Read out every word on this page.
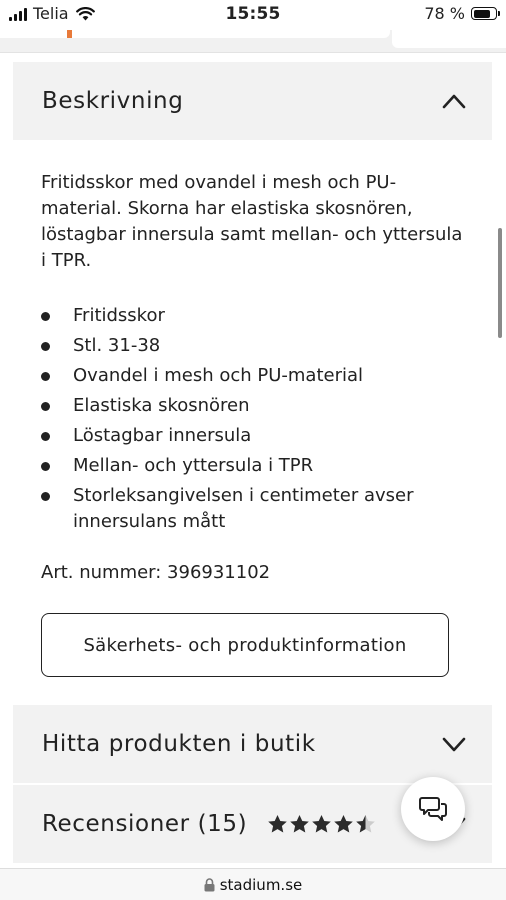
Telia	15:55	78 %
Beskrivning

Fritidsskor med ovandel i mesh och PU-material. Skorna har elastiska skosnören, löstagbar innersula samt mellan- och yttersula i TPR.

Fritidsskor
Stl. 31-38
Ovandel i mesh och PU-material
Elastiska skosnören
Löstagbar innersula
Mellan- och yttersula i TPR
Storleksangivelsen i centimeter avser innersulans mått
Art. nummer: 396931102
Säkerhets- och produktinformation
Hitta produkten i butik
Recensioner (15)
stadium.se
